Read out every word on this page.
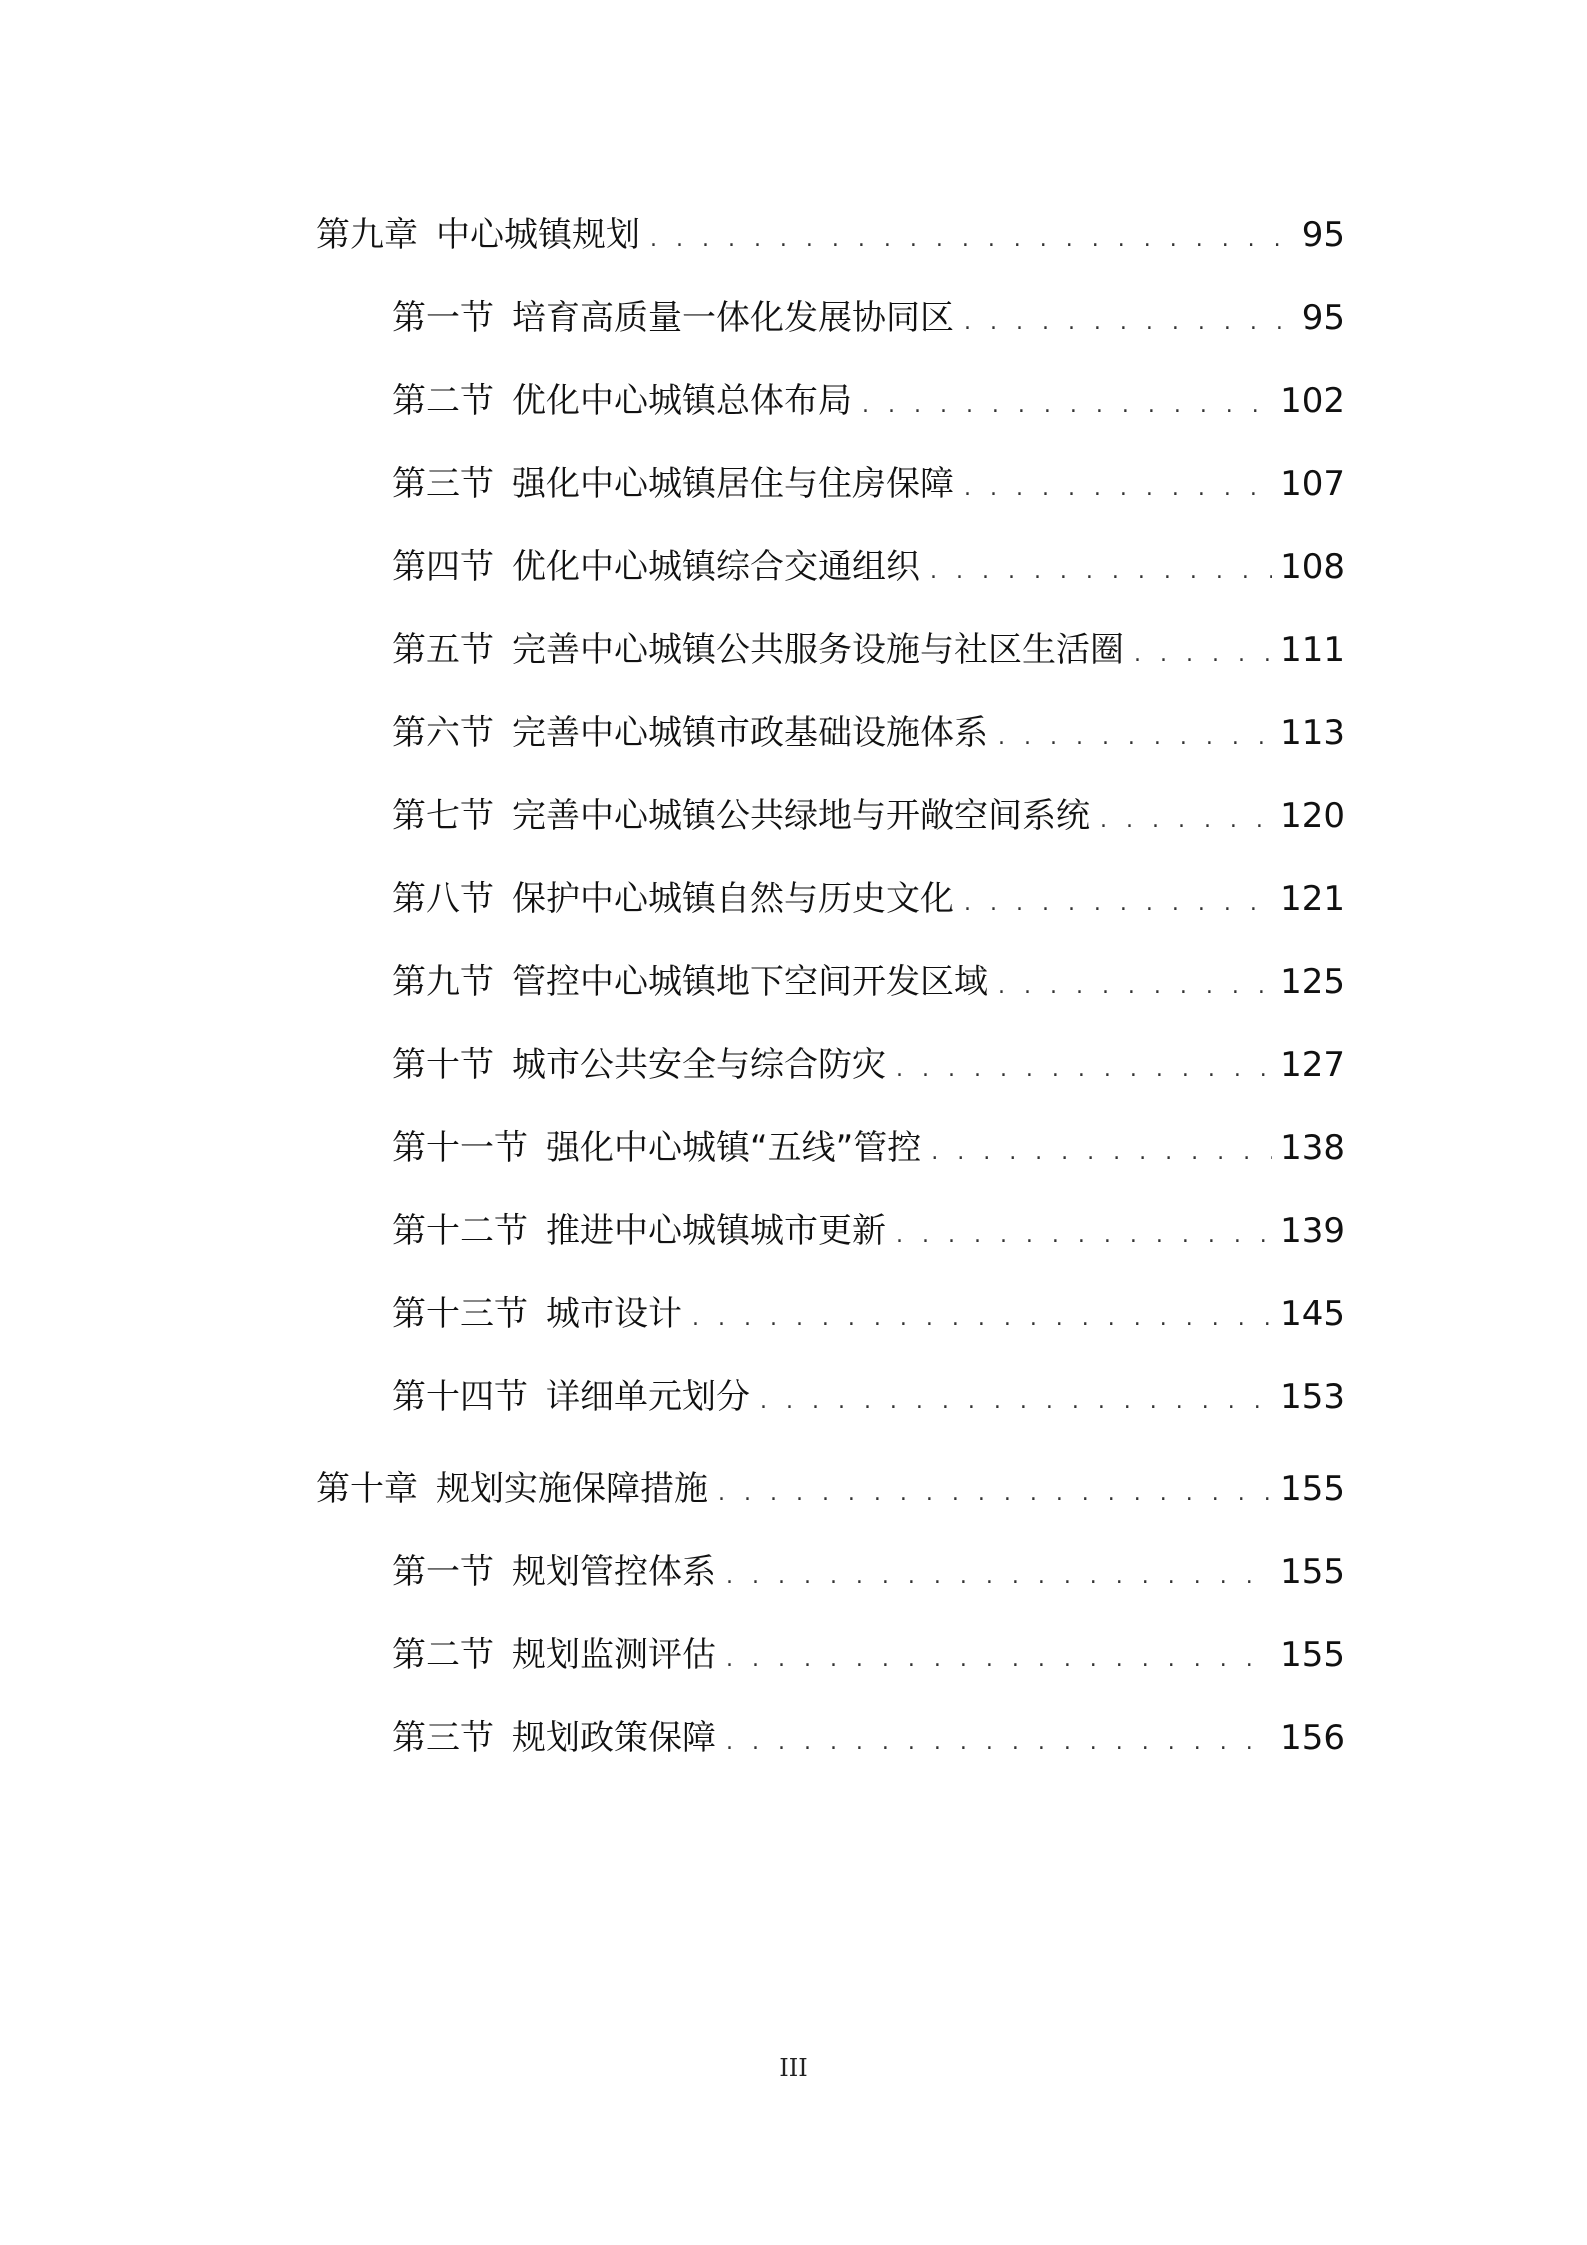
第九章 中心城镇规划 . . .	95
第一节 培育高质量一体化发展协同区 . . .	95
第二节 优化中心城镇总体布局 . . .	102
第三节 强化中心城镇居住与住房保障 . . .	107
第四节 优化中心城镇综合交通组织 . . .	108
第五节 完善中心城镇公共服务设施与社区生活圈 . . .	111
第六节 完善中心城镇市政基础设施体系 . . .	113
第七节 完善中心城镇公共绿地与开敞空间系统 . . .	120
第八节 保护中心城镇自然与历史文化 . . .	121
第九节 管控中心城镇地下空间开发区域 . . .	125
第十节 城市公共安全与综合防灾 . . .	127
第十一节 强化中心城镇“五线”管控 . . .	138
第十二节 推进中心城镇城市更新 . . .	139
第十三节 城市设计 . . .	145
第十四节 详细单元划分 . . .	153
第十章 规划实施保障措施 . . .	155
第一节 规划管控体系 . . .	155
第二节 规划监测评估 . . .	155
第三节 规划政策保障 . . .	156
III
